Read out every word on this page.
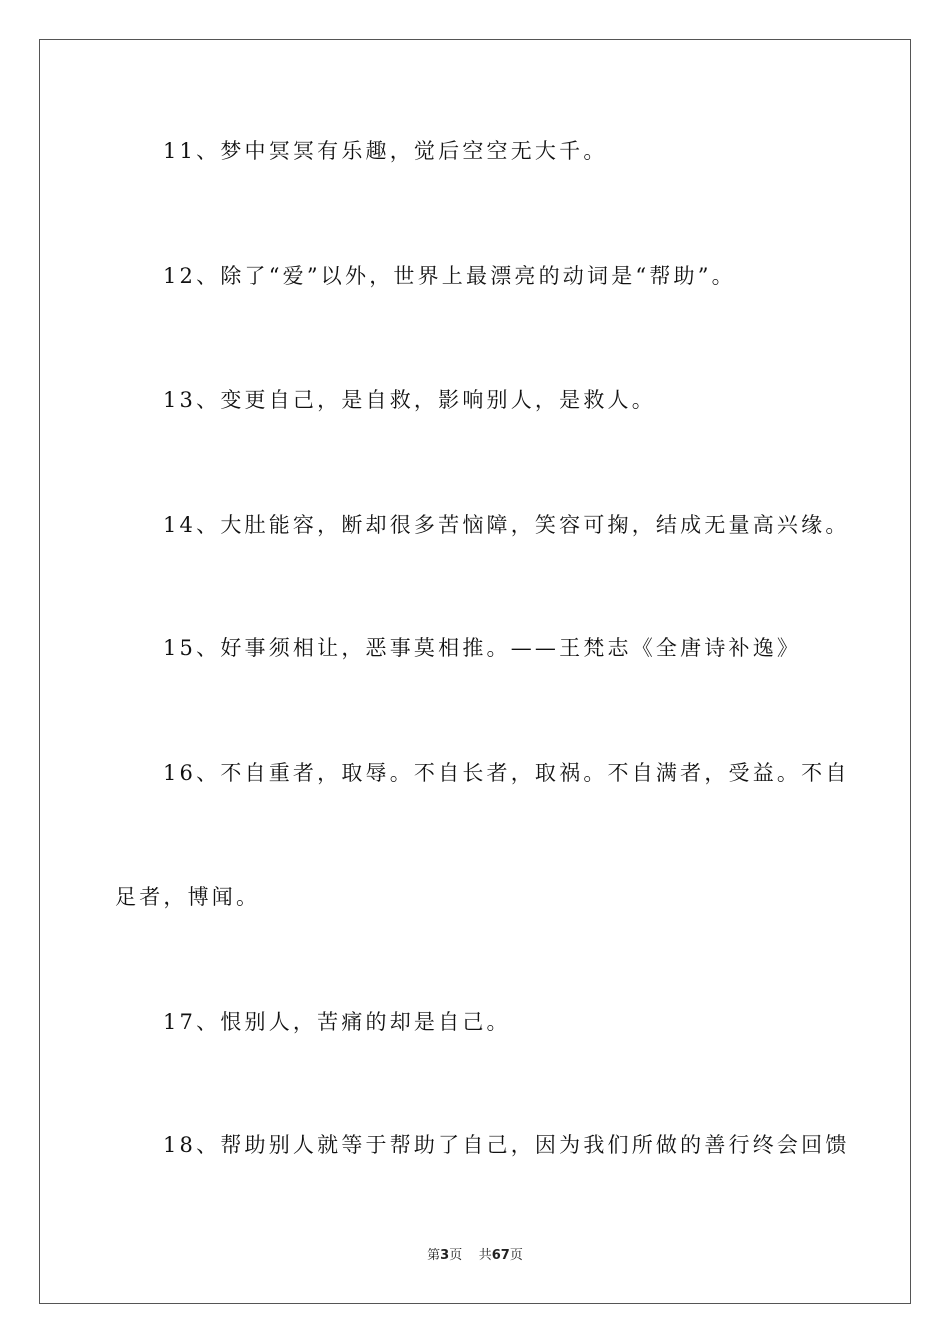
11、梦中冥冥有乐趣，觉后空空无大千。
12、除了“爱”以外，世界上最漂亮的动词是“帮助”。
13、变更自己，是自救，影响别人，是救人。
14、大肚能容，断却很多苦恼障，笑容可掬，结成无量高兴缘。
15、好事须相让，恶事莫相推。——王梵志《全唐诗补逸》
16、不自重者，取辱。不自长者，取祸。不自满者，受益。不自
足者，博闻。
17、恨别人，苦痛的却是自己。
18、帮助别人就等于帮助了自己，因为我们所做的善行终会回馈
第3页 共67页
